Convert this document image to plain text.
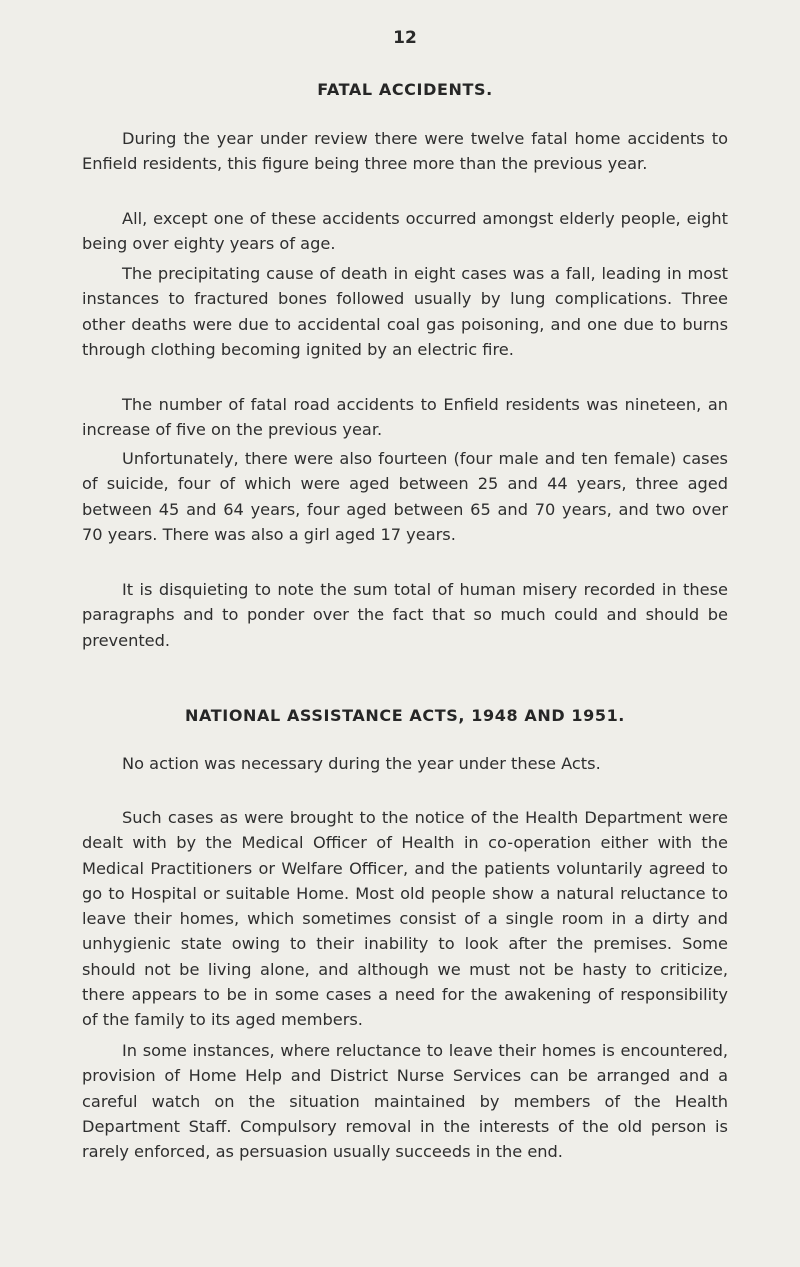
12
FATAL ACCIDENTS.

During the year under review there were twelve fatal home accidents to Enfield residents, this figure being three more than the previous year.

All, except one of these accidents occurred amongst elderly people, eight being over eighty years of age.

The precipitating cause of death in eight cases was a fall, leading in most instances to fractured bones followed usually by lung complications. Three other deaths were due to accidental coal gas poisoning, and one due to burns through clothing becoming ignited by an electric fire.

The number of fatal road accidents to Enfield residents was nineteen, an increase of five on the previous year.

Unfortunately, there were also fourteen (four male and ten female) cases of suicide, four of which were aged between 25 and 44 years, three aged between 45 and 64 years, four aged between 65 and 70 years, and two over 70 years. There was also a girl aged 17 years.

It is disquieting to note the sum total of human misery recorded in these paragraphs and to ponder over the fact that so much could and should be prevented.

NATIONAL ASSISTANCE ACTS, 1948 AND 1951.

No action was necessary during the year under these Acts.

Such cases as were brought to the notice of the Health Department were dealt with by the Medical Officer of Health in co-operation either with the Medical Practitioners or Welfare Officer, and the patients voluntarily agreed to go to Hospital or suitable Home. Most old people show a natural reluctance to leave their homes, which sometimes consist of a single room in a dirty and unhygienic state owing to their inability to look after the premises. Some should not be living alone, and although we must not be hasty to criticize, there appears to be in some cases a need for the awakening of responsibility of the family to its aged members.

In some instances, where reluctance to leave their homes is encountered, provision of Home Help and District Nurse Services can be arranged and a careful watch on the situation maintained by members of the Health Department Staff. Compulsory removal in the interests of the old person is rarely enforced, as persuasion usually succeeds in the end.
